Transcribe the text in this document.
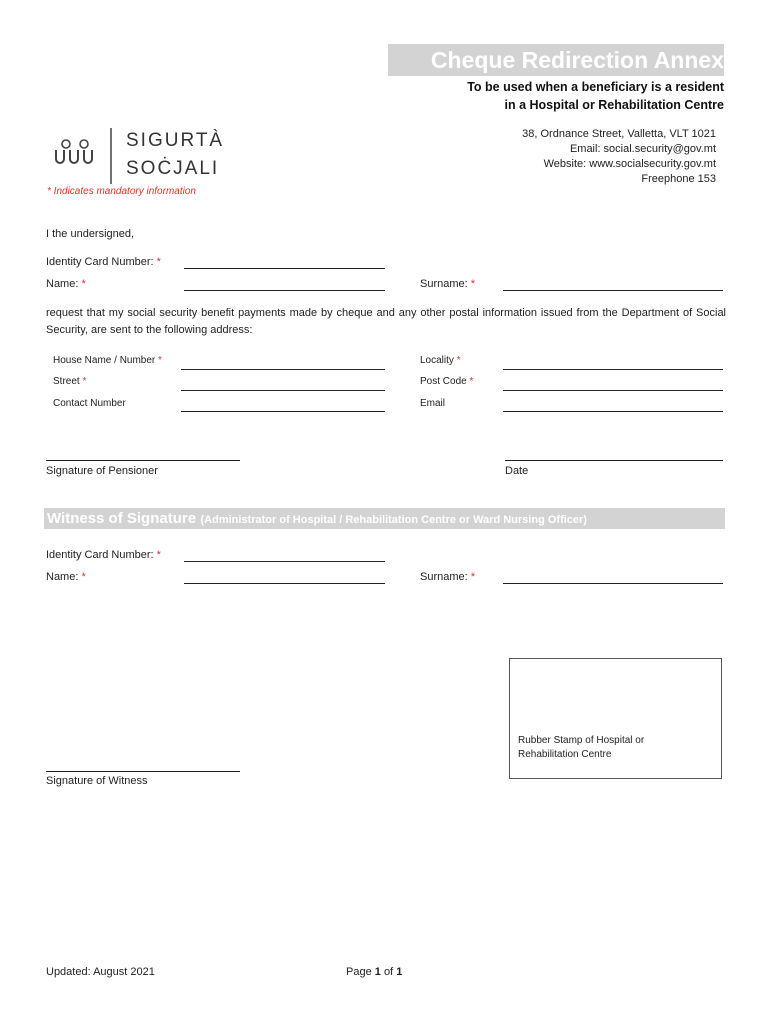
Cheque Redirection Annex
To be used when a beneficiary is a resident
in a Hospital or Rehabilitation Centre
SIGURTÀ
SOĊJALI
38, Ordnance Street, Valletta, VLT 1021
Email: social.security@gov.mt
Website: www.socialsecurity.gov.mt
Freephone 153
* Indicates mandatory information
I the undersigned,
Identity Card Number: *
Name: *	Surname: *
request that my social security benefit payments made by cheque and any other postal information issued from the Department of Social Security, are sent to the following address:
House Name / Number *	Locality *
Street *	Post Code *
Contact Number	Email
Signature of Pensioner	Date
Witness of Signature (Administrator of Hospital / Rehabilitation Centre or Ward Nursing Officer)
Identity Card Number: *
Name: *	Surname: *
Rubber Stamp of Hospital or
Rehabilitation Centre
Signature of Witness
Updated: August 2021	Page 1 of 1
